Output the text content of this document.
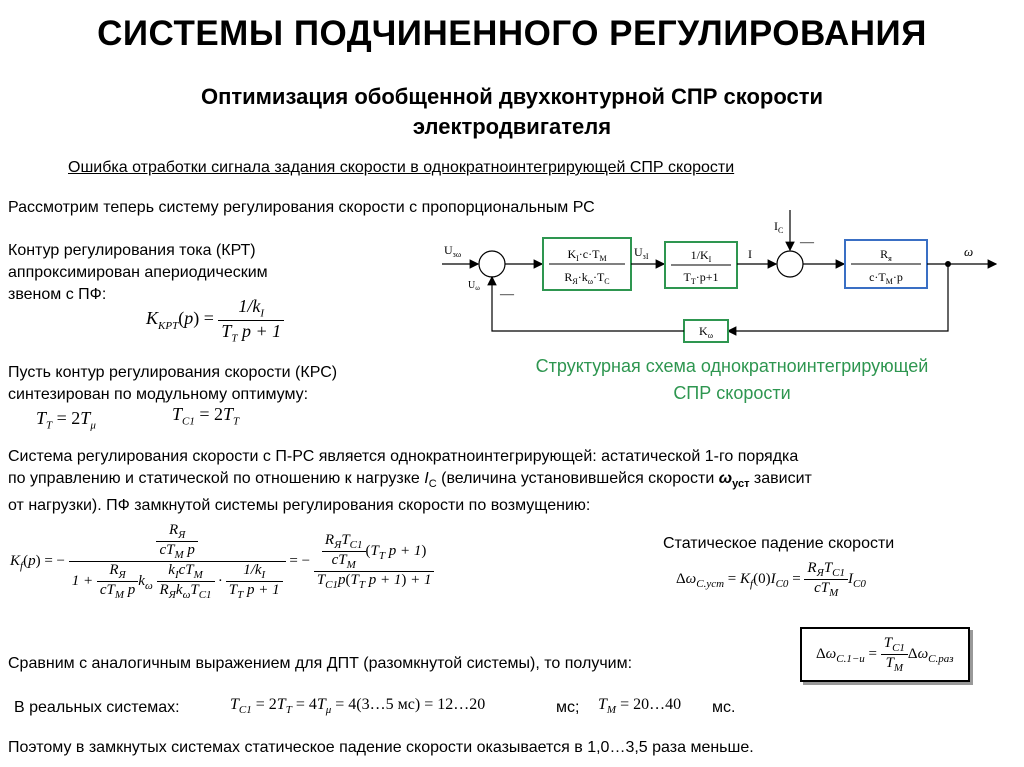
СИСТЕМЫ ПОДЧИНЕННОГО РЕГУЛИРОВАНИЯ
Оптимизация обобщенной двухконтурной СПР скорости
электродвигателя
Ошибка отработки сигнала задания скорости в однократноинтегрирующей СПР скорости
Рассмотрим теперь систему регулирования скорости с пропорциональным РС
Контур регулирования тока (КРТ)
аппроксимирован апериодическим
звеном с ПФ:
$K_{KPT}(p) = \frac{1/k_I}{T_T p + 1}$
Пусть контур регулирования скорости (КРС)
синтезирован по модульному оптимуму:
$T_T = 2T_\mu$
$T_{C1} = 2T_T$
$U_{з\omega}$
$U_\omega$ —
$K_I\cdot c\cdot T_M$
$R_Я\cdot k_\omega\cdot T_C$
$U_{зI}$	$1/K_I$
$T_T\cdot p+1$
I
$I_C$
—
$R_я$
$c\cdot T_M\cdot p$
ω
$K_\omega$
Структурная схема однократноинтегрирующей
СПР скорости
Система регулирования скорости с П-РС является однократноинтегрирующей: астатической 1-го порядка
по управлению и статической по отношению к нагрузке $I_C$ (величина установившейся скорости $\omega_{уст}$ зависит
от нагрузки). ПФ замкнутой системы регулирования скорости по возмущению:
$K_f(p)$ = − $\frac{\frac{R_Я}{cT_M p}}{1 + \frac{R_Я}{cT_M p} k_\omega \frac{k_IcT_M}{R_Яk_\omega T_{C1}} \cdot \frac{1/k_I}{T_T p + 1}}$ = − $\frac{\frac{R_ЯT_{C1}}{cT_M} (T_T p + 1)}{T_{C1}p(T_T p + 1) + 1}$	Статическое падение скорости
$\Delta\omega_{C.уст} = K_f(0)I_{C0} = \frac{R_ЯT_{C1}}{cT_M} I_{C0}$
Сравним с аналогичным выражением для ДПТ (разомкнутой системы), то получим:
$\Delta\omega_{C.1-и} = \frac{T_{C1}}{T_M} \Delta\omega_{C.раз}$
В реальных системах:	$T_{C1} = 2T_T = 4T_\mu$ = 4(3…5 мс) = 12…20	мс; $T_M$ = 20…40 мс.
Поэтому в замкнутых системах статическое падение скорости оказывается в 1,0…3,5 раза меньше.
